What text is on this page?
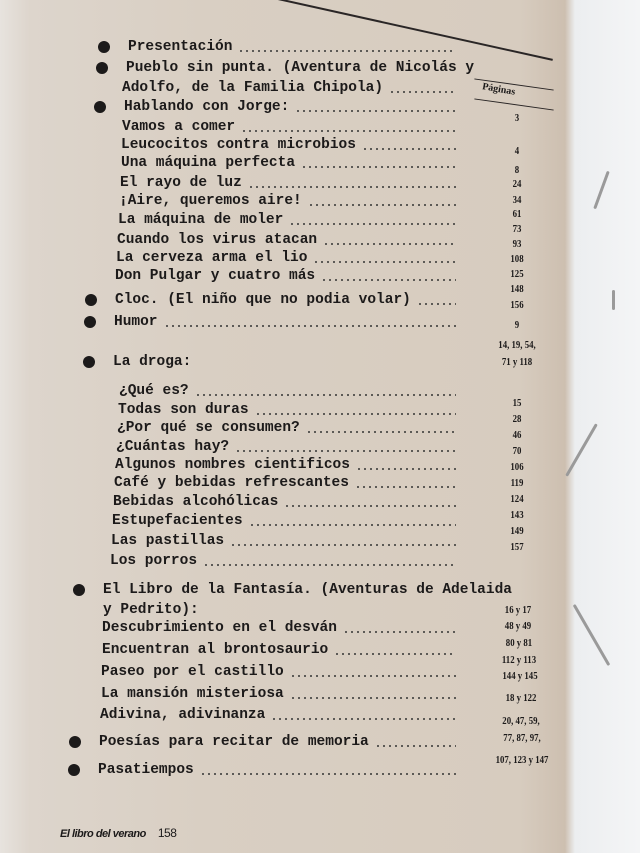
Páginas
Presentación
Pueblo sin punta. (Aventura de Nicolás y
Adolfo, de la Familia Chipola)
Hablando con Jorge:
Vamos a comer
Leucocitos contra microbios
Una máquina perfecta
El rayo de luz
¡Aire, queremos aire!
La máquina de moler
Cuando los virus atacan
La cerveza arma el lio
Don Pulgar y cuatro más
Cloc. (El niño que no podia volar)
Humor
La droga:
¿Qué es?
Todas son duras
¿Por qué se consumen?
¿Cuántas hay?
Algunos nombres cientificos
Café y bebidas refrescantes
Bebidas alcohólicas
Estupefacientes
Las pastillas
Los porros
El Libro de la Fantasía. (Aventuras de Adelaida
y Pedrito):
Descubrimiento en el desván
Encuentran al brontosaurio
Paseo por el castillo
La mansión misteriosa
Adivina, adivinanza
Poesías para recitar de memoria
Pasatiempos
3
4
8
24
34
61
73
93
108
125
148
156
9
14, 19, 54,
71 y 118
15
28
46
70
106
119
124
143
149
157
16 y 17
48 y 49
80 y 81
112 y 113
144 y 145
18 y 122
20, 47, 59,
77, 87, 97,
107, 123 y 147
El libro del verano 158
